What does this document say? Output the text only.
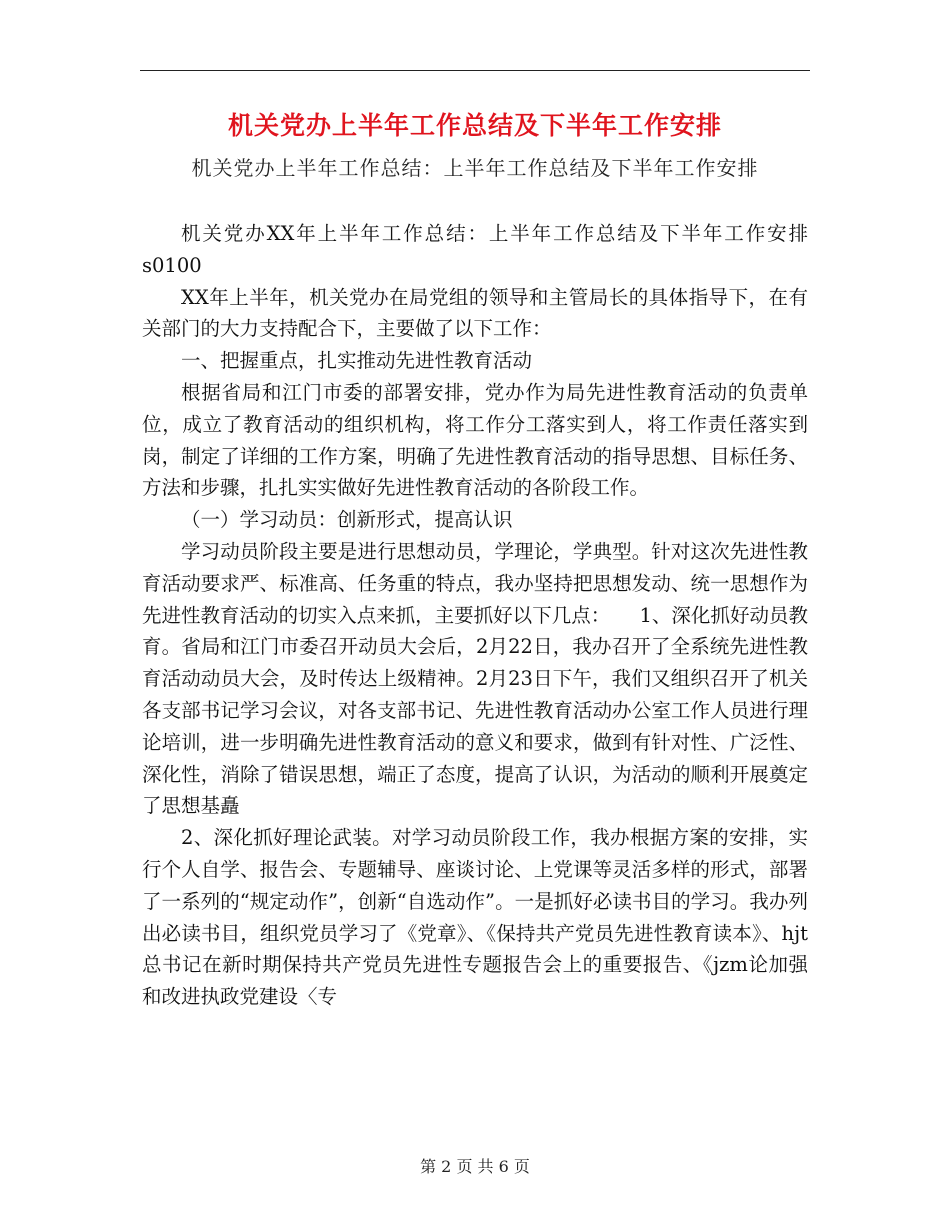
机关党办上半年工作总结及下半年工作安排
机关党办上半年工作总结：上半年工作总结及下半年工作安排

机关党办XX年上半年工作总结：上半年工作总结及下半年工作安排s0100

XX年上半年，机关党办在局党组的领导和主管局长的具体指导下，在有关部门的大力支持配合下，主要做了以下工作：

一、把握重点，扎实推动先进性教育活动

根据省局和江门市委的部署安排，党办作为局先进性教育活动的负责单位，成立了教育活动的组织机构，将工作分工落实到人，将工作责任落实到岗，制定了详细的工作方案，明确了先进性教育活动的指导思想、目标任务、方法和步骤，扎扎实实做好先进性教育活动的各阶段工作。

（一）学习动员：创新形式，提高认识

学习动员阶段主要是进行思想动员，学理论，学典型。针对这次先进性教育活动要求严、标准高、任务重的特点，我办坚持把思想发动、统一思想作为先进性教育活动的切实入点来抓，主要抓好以下几点：　　1、深化抓好动员教育。省局和江门市委召开动员大会后，2月22日，我办召开了全系统先进性教育活动动员大会，及时传达上级精神。2月23日下午，我们又组织召开了机关各支部书记学习会议，对各支部书记、先进性教育活动办公室工作人员进行理论培训，进一步明确先进性教育活动的意义和要求，做到有针对性、广泛性、深化性，消除了错误思想，端正了态度，提高了认识，为活动的顺利开展奠定了思想基矗

2、深化抓好理论武装。对学习动员阶段工作，我办根据方案的安排，实行个人自学、报告会、专题辅导、座谈讨论、上党课等灵活多样的形式，部署了一系列的“规定动作”，创新“自选动作”。一是抓好必读书目的学习。我办列出必读书目，组织党员学习了《党章》、《保持共产党员先进性教育读本》、hjt总书记在新时期保持共产党员先进性专题报告会上的重要报告、《jzm论加强和改进执政党建设〈专

第 2 页 共 6 页
